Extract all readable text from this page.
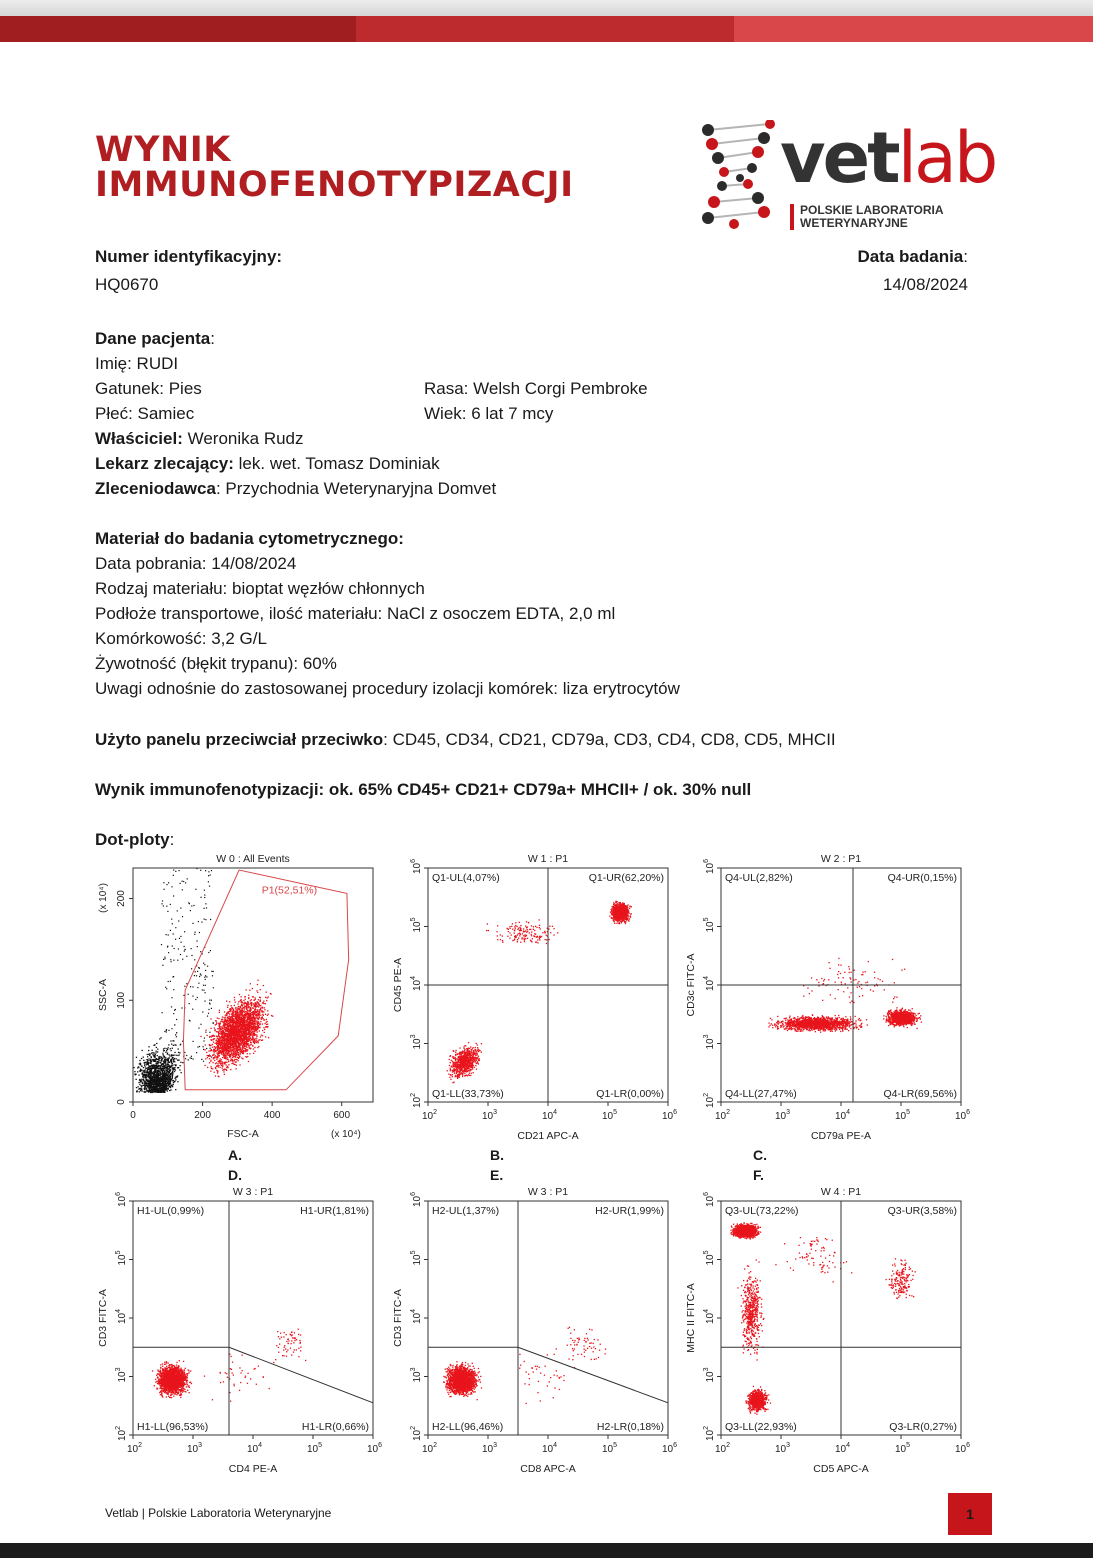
WYNIK
IMMUNOFENOTYPIZACJI	vetlab
POLSKIE LABORATORIA
WETERYNARYJNE
Numer identyfikacyjny:
HQ0670
Data badania:
14/08/2024
Dane pacjenta:
Imię: RUDI
Gatunek: Pies	Rasa: Welsh Corgi Pembroke
Płeć: Samiec	Wiek: 6 lat 7 mcy
Właściciel: Weronika Rudz
Lekarz zlecający: lek. wet. Tomasz Dominiak
Zleceniodawca: Przychodnia Weterynaryjna Domvet
Materiał do badania cytometrycznego:
Data pobrania: 14/08/2024
Rodzaj materiału: bioptat węzłów chłonnych
Podłoże transportowe, ilość materiału: NaCl z osoczem EDTA, 2,0 ml
Komórkowość: 3,2 G/L
Żywotność (błękit trypanu): 60%
Uwagi odnośnie do zastosowanej procedury izolacji komórek: liza erytrocytów
Użyto panelu przeciwciał przeciwko: CD45, CD34, CD21, CD79a, CD3, CD4, CD8, CD5, MHCII
Wynik immunofenotypizacji: ok. 65% CD45+ CD21+ CD79a+ MHCII+ / ok. 30% null
Dot-ploty:
P1(52,51%)
0	200	400	600
0
100
200
W 0 : All Events
FSC-A	(x 10⁴)
SSC-A
(x 10⁴)
$10^2$
$10^2$
$10^3$
$10^3$
$10^4$
$10^4$
$10^5$
$10^5$
$10^6$
$10^6$	W 1 : P1
CD21 APC-A
CD45 PE-A
Q1-UL(4,07%)	Q1-UR(62,20%)
Q1-LL(33,73%)	Q1-LR(0,00%)
$10^2$
$10^2$
$10^3$
$10^3$
$10^4$
$10^4$
$10^5$
$10^5$
$10^6$
$10^6$	W 2 : P1
CD79a PE-A
CD3c FITC-A
Q4-UL(2,82%)	Q4-UR(0,15%)
Q4-LL(27,47%)	Q4-LR(69,56%)
$10^2$
$10^2$
$10^3$
$10^3$
$10^4$
$10^4$
$10^5$
$10^5$
$10^6$
$10^6$	W 3 : P1
CD4 PE-A
CD3 FITC-A
H1-UL(0,99%)	H1-UR(1,81%)
H1-LL(96,53%)	H1-LR(0,66%)
$10^2$
$10^2$
$10^3$
$10^3$
$10^4$
$10^4$
$10^5$
$10^5$
$10^6$
$10^6$	W 3 : P1
CD8 APC-A
CD3 FITC-A
H2-UL(1,37%)	H2-UR(1,99%)
H2-LL(96,46%)	H2-LR(0,18%)
$10^2$
$10^2$
$10^3$
$10^3$
$10^4$
$10^4$
$10^5$
$10^5$
$10^6$
$10^6$	W 4 : P1
CD5 APC-A
MHC II FITC-A
Q3-UL(73,22%)	Q3-UR(3,58%)
Q3-LL(22,93%)	Q3-LR(0,27%)
A.	B.	C.
D.	E.	F.
Vetlab | Polskie Laboratoria Weterynaryjne	1
